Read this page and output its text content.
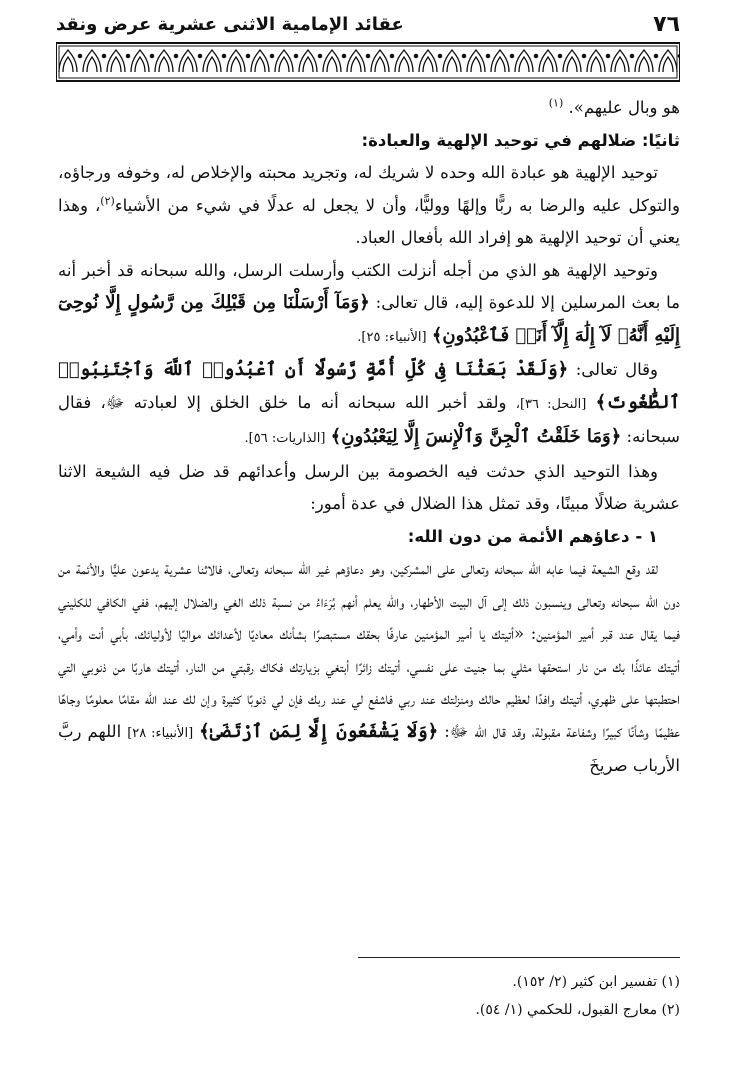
٧٦
عقائد الإمامية الاثنى عشرية عرض ونقد

هو وبال عليهم». $^{(١)}$

ثانيًا: ضلالهم في توحيد الإلهية والعبادة:

توحيد الإلهية هو عبادة الله وحده لا شريك له، وتجريد محبته والإخلاص له، وخوفه ورجاؤه، والتوكل عليه والرضا به ربًّا وإلهًا ووليًّا، وأن لا يجعل له عدلًا في شيء من الأشياء$^{(٢)}$، وهذا يعني أن توحيد الإلهية هو إفراد الله بأفعال العباد.

وتوحيد الإلهية هو الذي من أجله أنزلت الكتب وأرسلت الرسل، والله سبحانه قد أخبر أنه ما بعث المرسلين إلا للدعوة إليه، قال تعالى: ﴿وَمَآ أَرْسَلْنَا مِن قَبْلِكَ مِن رَّسُولٍ إِلَّا نُوحِىٓ إِلَيْهِ أَنَّهُۥ لَآ إِلَٰهَ إِلَّآ أَنَا۠ فَٱعْبُدُونِ﴾ [الأنبياء: ٢٥].

وقال تعالى: ﴿وَلَقَدْ بَعَثْنَا فِى كُلِّ أُمَّةٍ رَّسُولًا أَنِ ٱعْبُدُوا۟ ٱللَّهَ وَٱجْتَنِبُوا۟ ٱلطَّٰغُوتَ﴾ [النحل: ٣٦]، ولقد أخبر الله سبحانه أنه ما خلق الخلق إلا لعبادته ﷻ، فقال سبحانه: ﴿وَمَا خَلَقْتُ ٱلْجِنَّ وَٱلْإِنسَ إِلَّا لِيَعْبُدُونِ﴾ [الذاريات: ٥٦].

وهذا التوحيد الذي حدثت فيه الخصومة بين الرسل وأعدائهم قد ضل فيه الشيعة الاثنا عشرية ضلالًا مبينًا، وقد تمثل هذا الضلال في عدة أمور:

١ - دعاؤهم الأئمة من دون الله:

لقد وقع الشيعة فيما عابه الله سبحانه وتعالى على المشركين، وهو دعاؤهم غير الله سبحانه وتعالى، فالاثنا عشرية يدعون عليًّا والأئمة من دون الله سبحانه وتعالى وينسبون ذلك إلى آل البيت الأطهار، والله يعلم أنهم بُرَءَاءُ من نسبة ذلك الغي والضلال إليهم، ففي الكافي للكليني فيما يقال عند قبر أمير المؤمنين: «أتيتك يا أمير المؤمنين عارفًا بحقك مستبصرًا بشأنك معاديًا لأعدائك مواليًا لأوليائك، بأبي أنت وأمي، أتيتك عائذًا بك من نار استحقها مثلي بما جنيت على نفسي، أتيتك زائرًا أبتغي بزيارتك فكاك رقبتي من النار، أتيتك هاربًا من ذنوبي التي احتطبتها على ظهري، أتيتك وافدًا لعظيم حالك ومنزلتك عند ربي فاشفع لي عند ربك فإن لي ذنوبًا كثيرة وإن لك عند الله مقامًا معلومًا وجاهًا عظيمًا وشأنًا كبيرًا وشفاعة مقبولة، وقد قال الله ﷻ: ﴿وَلَا يَشْفَعُونَ إِلَّا لِمَنِ ٱرْتَضَىٰ﴾ [الأنبياء: ٢٨] اللهم ربَّ الأرباب صريخَ

(١) تفسير ابن كثير (٢/ ١٥٢).
(٢) معارج القبول، للحكمي (١/ ٥٤).
